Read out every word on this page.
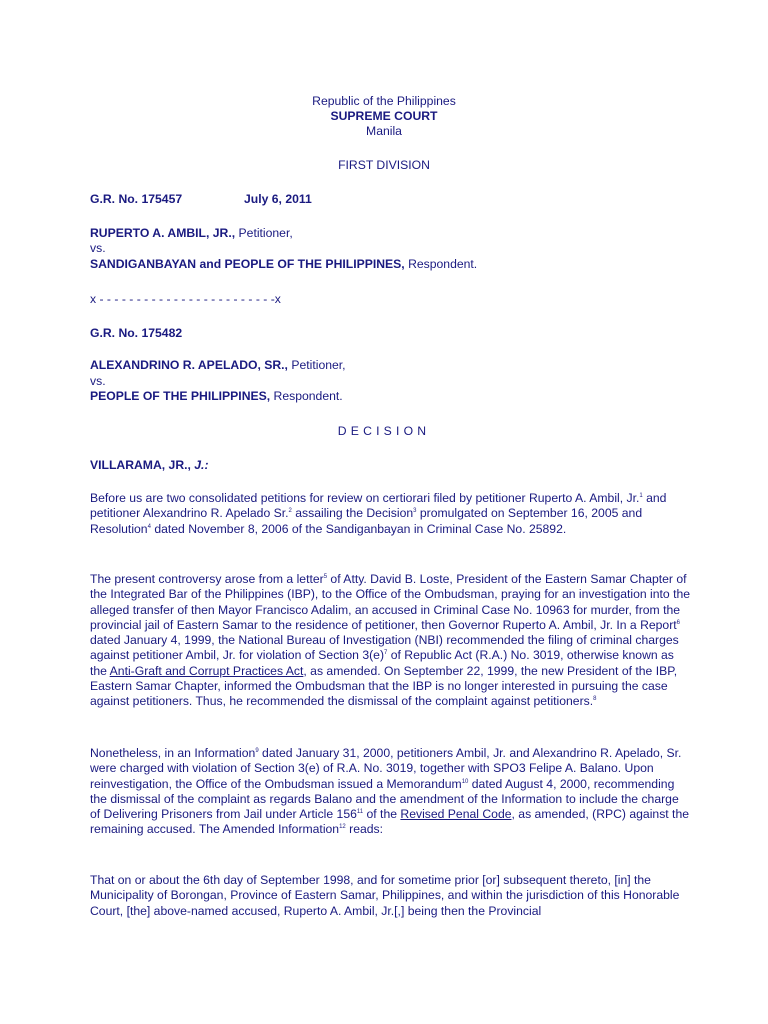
Republic of the Philippines
SUPREME COURT
Manila
FIRST DIVISION
G.R. No. 175457	July 6, 2011
RUPERTO A. AMBIL, JR., Petitioner,
vs.
SANDIGANBAYAN and PEOPLE OF THE PHILIPPINES, Respondent.
x - - - - - - - - - - - - - - - - - - - - - - - -x
G.R. No. 175482
ALEXANDRINO R. APELADO, SR., Petitioner,
vs.
PEOPLE OF THE PHILIPPINES, Respondent.
DECISION
VILLARAMA, JR., J.:

Before us are two consolidated petitions for review on certiorari filed by petitioner Ruperto A. Ambil, Jr.$^1$ and petitioner Alexandrino R. Apelado Sr.$^2$ assailing the Decision$^3$ promulgated on September 16, 2005 and Resolution$^4$ dated November 8, 2006 of the Sandiganbayan in Criminal Case No. 25892.

The present controversy arose from a letter$^5$ of Atty. David B. Loste, President of the Eastern Samar Chapter of the Integrated Bar of the Philippines (IBP), to the Office of the Ombudsman, praying for an investigation into the alleged transfer of then Mayor Francisco Adalim, an accused in Criminal Case No. 10963 for murder, from the provincial jail of Eastern Samar to the residence of petitioner, then Governor Ruperto A. Ambil, Jr. In a Report$^6$ dated January 4, 1999, the National Bureau of Investigation (NBI) recommended the filing of criminal charges against petitioner Ambil, Jr. for violation of Section $3(e)^7$ of Republic Act (R.A.) No. 3019, otherwise known as the Anti-Graft and Corrupt Practices Act, as amended. On September 22, 1999, the new President of the IBP, Eastern Samar Chapter, informed the Ombudsman that the IBP is no longer interested in pursuing the case against petitioners. Thus, he recommended the dismissal of the complaint against petitioners.$^8$

Nonetheless, in an Information$^9$ dated January 31, 2000, petitioners Ambil, Jr. and Alexandrino R. Apelado, Sr. were charged with violation of Section 3(e) of R.A. No. 3019, together with SPO3 Felipe A. Balano. Upon reinvestigation, the Office of the Ombudsman issued a Memorandum$^{10}$ dated August 4, 2000, recommending the dismissal of the complaint as regards Balano and the amendment of the Information to include the charge of Delivering Prisoners from Jail under Article $156^{11}$ of the Revised Penal Code, as amended, (RPC) against the remaining accused. The Amended Information$^{12}$ reads:

That on or about the 6th day of September 1998, and for sometime prior [or] subsequent thereto, [in] the Municipality of Borongan, Province of Eastern Samar, Philippines, and within the jurisdiction of this Honorable Court, [the] above-named accused, Ruperto A. Ambil, Jr.[,] being then the Provincial
